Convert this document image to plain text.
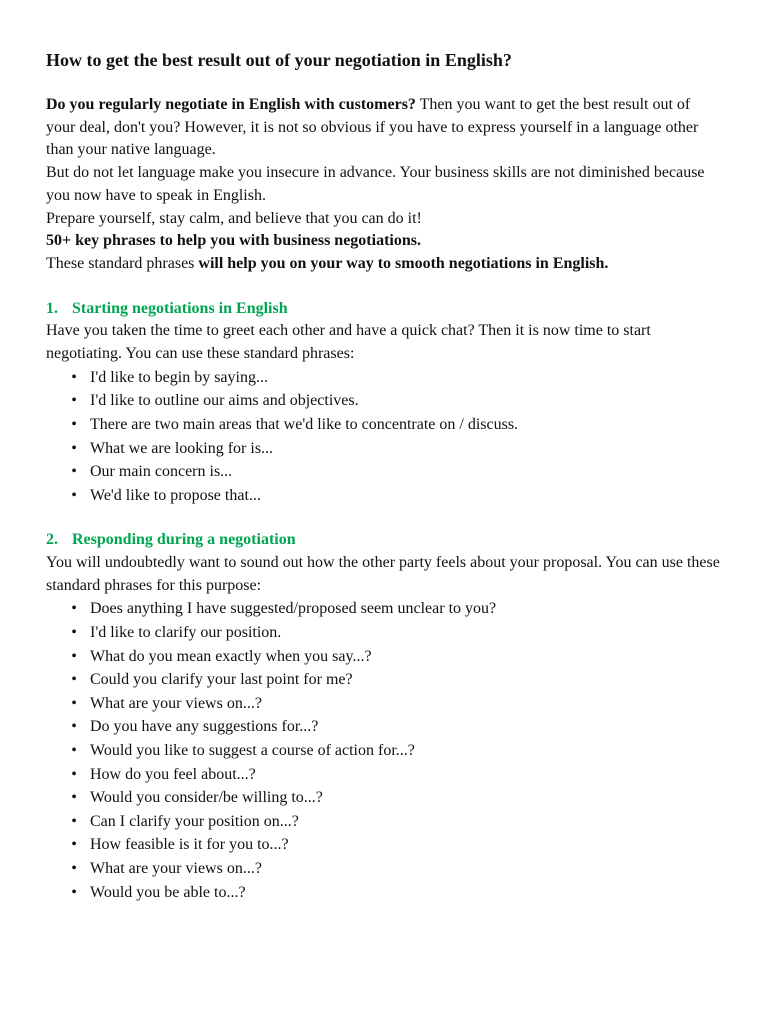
How to get the best result out of your negotiation in English?

Do you regularly negotiate in English with customers? Then you want to get the best result out of your deal, don't you? However, it is not so obvious if you have to express yourself in a language other than your native language.

But do not let language make you insecure in advance. Your business skills are not diminished because you now have to speak in English.

Prepare yourself, stay calm, and believe that you can do it!

50+ key phrases to help you with business negotiations.

These standard phrases will help you on your way to smooth negotiations in English.

1. Starting negotiations in English

Have you taken the time to greet each other and have a quick chat? Then it is now time to start negotiating. You can use these standard phrases:

• I'd like to begin by saying...
• I'd like to outline our aims and objectives.
• There are two main areas that we'd like to concentrate on / discuss.
• What we are looking for is...
• Our main concern is...
• We'd like to propose that...
2. Responding during a negotiation

You will undoubtedly want to sound out how the other party feels about your proposal. You can use these standard phrases for this purpose:

• Does anything I have suggested/proposed seem unclear to you?
• I'd like to clarify our position.
• What do you mean exactly when you say...?
• Could you clarify your last point for me?
• What are your views on...?
• Do you have any suggestions for...?
• Would you like to suggest a course of action for...?
• How do you feel about...?
• Would you consider/be willing to...?
• Can I clarify your position on...?
• How feasible is it for you to...?
• What are your views on...?
• Would you be able to...?
